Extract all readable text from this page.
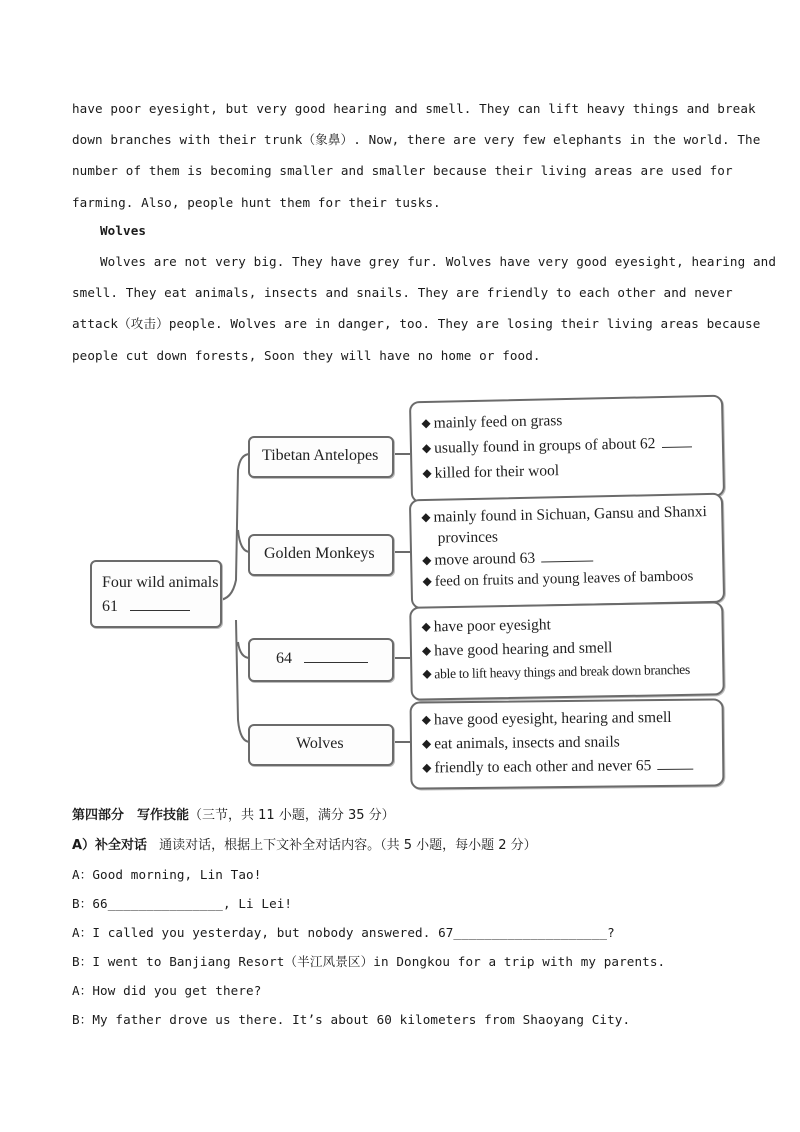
have poor eyesight, but very good hearing and smell. They can lift heavy things and break
down branches with their trunk（象鼻）. Now, there are very few elephants in the world. The
number of them is becoming smaller and smaller because their living areas are used for
farming. Also, people hunt them for their tusks.
Wolves
Wolves are not very big. They have grey fur. Wolves have very good eyesight, hearing and
smell. They eat animals, insects and snails. They are friendly to each other and never
attack（攻击）people. Wolves are in danger, too. They are losing their living areas because
people cut down forests, Soon they will have no home or food.
Four wild animals
61
Tibetan Antelopes
Golden Monkeys
64
Wolves
◆ mainly feed on grass
◆ usually found in groups of about 62
◆ killed for their wool
◆ mainly found in Sichuan, Gansu and Shanxi
provinces
◆ move around 63
◆ feed on fruits and young leaves of bamboos
◆ have poor eyesight
◆ have good hearing and smell
◆ able to lift heavy things and break down branches
◆ have good eyesight, hearing and smell
◆ eat animals, insects and snails
◆ friendly to each other and never 65
第四部分　写作技能（三节，共 11 小题，满分 35 分）
A）补全对话 通读对话，根据上下文补全对话内容。（共 5 小题，每小题 2 分）
A：Good morning, Lin Tao!
B：66_______________, Li Lei!
A：I called you yesterday, but nobody answered. 67____________________?
B：I went to Banjiang Resort（半江风景区）in Dongkou for a trip with my parents.
A：How did you get there?
B：My father drove us there. It’s about 60 kilometers from Shaoyang City.
